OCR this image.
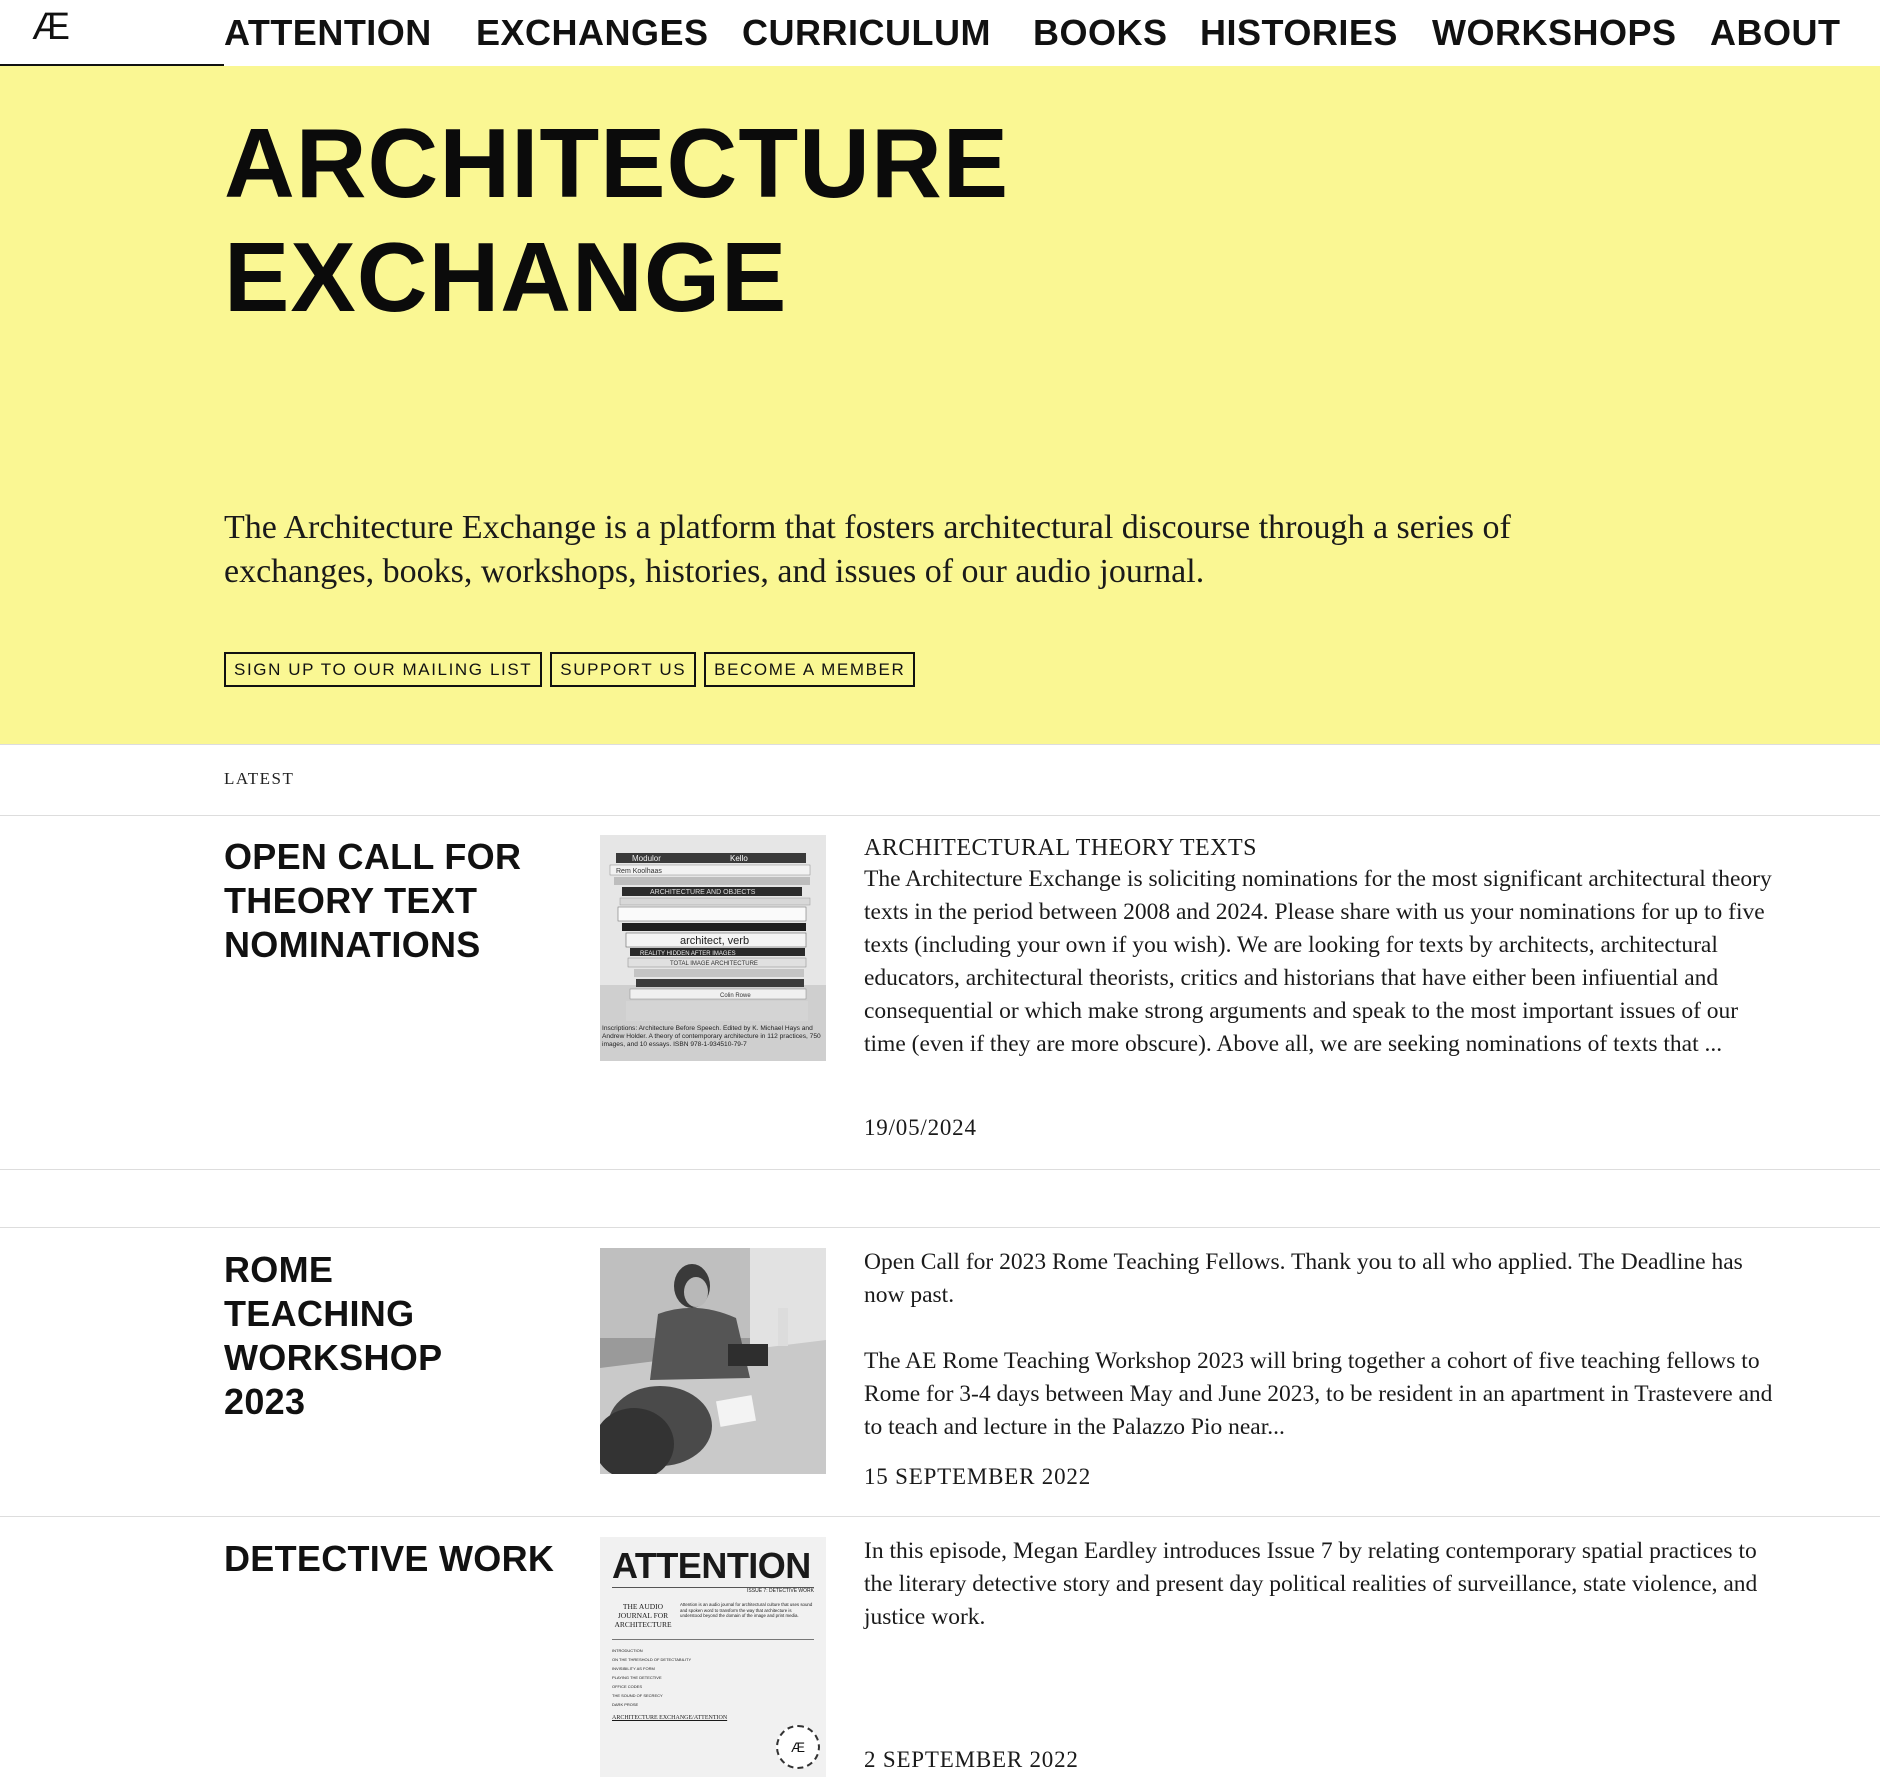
Æ	ATTENTION EXCHANGES CURRICULUM BOOKS HISTORIES WORKSHOPS ABOUT
ARCHITECTURE
EXCHANGE

The Architecture Exchange is a platform that fosters architectural discourse through a series of exchanges, books, workshops, histories, and issues of our audio journal.

SIGN UP TO OUR MAILING LIST	SUPPORT US	BECOME A MEMBER
LATEST
OPEN CALL FOR THEORY TEXT NOMINATIONS
Modulor	Kello
Rem Koolhaas
ARCHITECTURE AND OBJECTS
architect, verb
REALITY HIDDEN AFTER IMAGES
TOTAL IMAGE ARCHITECTURE
Colin Rowe
Inscriptions: Architecture Before Speech. Edited by K. Michael Hays and Andrew Holder. A theory of contemporary architecture in 112 practices, 750 images, and 10 essays. ISBN 978-1-934510-79-7

ARCHITECTURAL THEORY TEXTS

The Architecture Exchange is soliciting nominations for the most significant architectural theory texts in the period between 2008 and 2024. Please share with us your nominations for up to five texts (including your own if you wish). We are looking for texts by architects, architectural educators, architectural theorists, critics and historians that have either been infiuential and consequential or which make strong arguments and speak to the most important issues of our time (even if they are more obscure). Above all, we are seeking nominations of texts that ...

19/05/2024

ROME TEACHING WORKSHOP 2023

Open Call for 2023 Rome Teaching Fellows. Thank you to all who applied. The Deadline has now past.

The AE Rome Teaching Workshop 2023 will bring together a cohort of five teaching fellows to Rome for 3-4 days between May and June 2023, to be resident in an apartment in Trastevere and to teach and lecture in the Palazzo Pio near...

15 SEPTEMBER 2022

DETECTIVE WORK ATTENTION
ISSUE 7: DETECTIVE WORK
THE AUDIO JOURNAL FOR ARCHITECTURE
Attention is an audio journal for architectural culture that uses sound and spoken word to transform the way that architecture is understood beyond the domain of the image and print media.
INTRODUCTION
ON THE THRESHOLD OF DETECTABILITY
INVISIBILITY AS FORM
PLAYING THE DETECTIVE
OFFICE CODES
THE SOUND OF SECRECY
DARK PROSE
ARCHITECTURE EXCHANGE/ATTENTION
Æ

In this episode, Megan Eardley introduces Issue 7 by relating contemporary spatial practices to the literary detective story and present day political realities of surveillance, state violence, and justice work.

2 SEPTEMBER 2022
